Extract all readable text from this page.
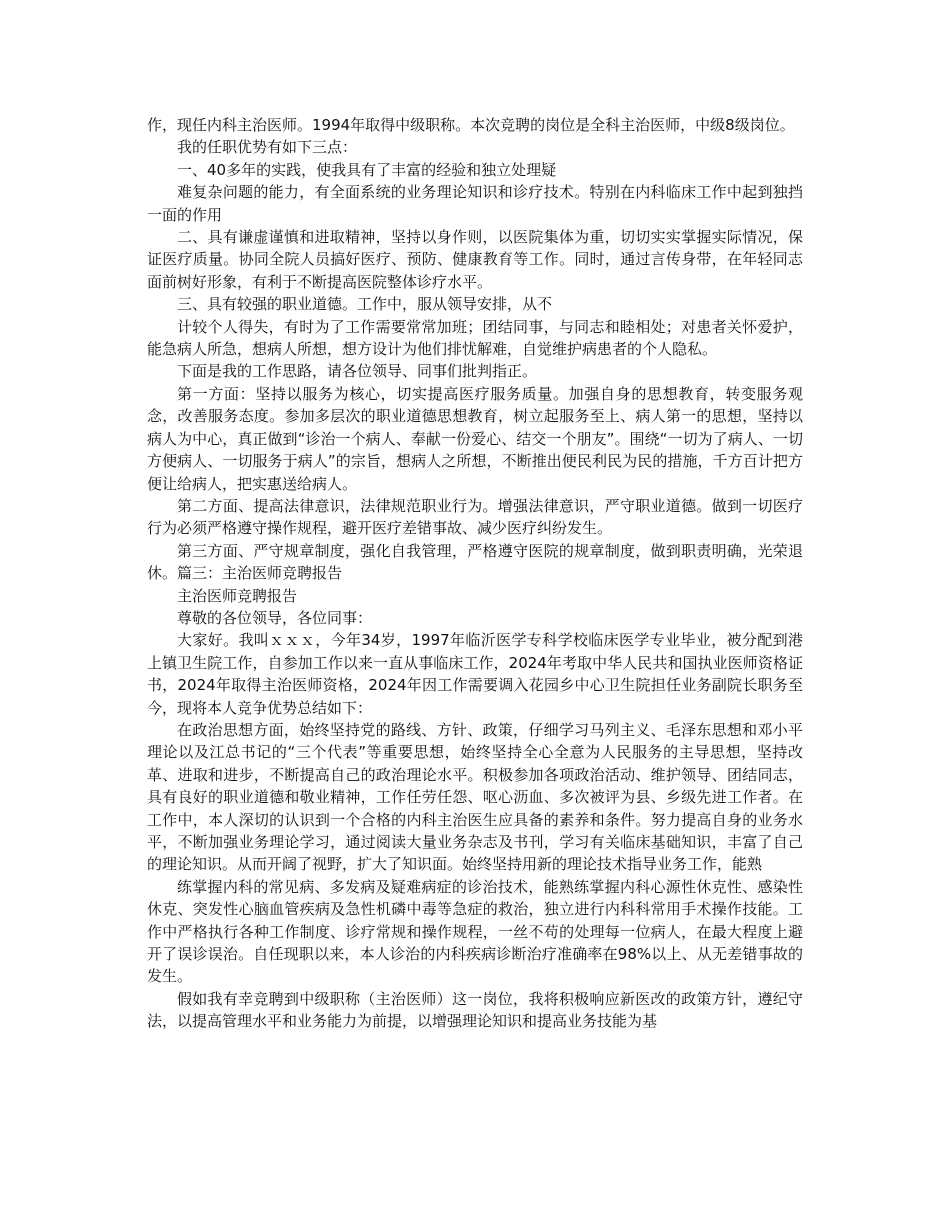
作，现任内科主治医师。1994年取得中级职称。本次竞聘的岗位是全科主治医师，中级8级岗位。

我的任职优势有如下三点：

一、40多年的实践，使我具有了丰富的经验和独立处理疑

难复杂问题的能力，有全面系统的业务理论知识和诊疗技术。特别在内科临床工作中起到独挡一面的作用

二、具有谦虚谨慎和进取精神，坚持以身作则，以医院集体为重，切切实实掌握实际情况，保证医疗质量。协同全院人员搞好医疗、预防、健康教育等工作。同时，通过言传身带，在年轻同志面前树好形象，有利于不断提高医院整体诊疗水平。

三、具有较强的职业道德。工作中，服从领导安排，从不

计较个人得失，有时为了工作需要常常加班；团结同事，与同志和睦相处；对患者关怀爱护，能急病人所急，想病人所想，想方设计为他们排忧解难，自觉维护病患者的个人隐私。

下面是我的工作思路，请各位领导、同事们批判指正。

第一方面：坚持以服务为核心，切实提高医疗服务质量。加强自身的思想教育，转变服务观念，改善服务态度。参加多层次的职业道德思想教育，树立起服务至上、病人第一的思想，坚持以病人为中心，真正做到“诊治一个病人、奉献一份爱心、结交一个朋友”。围绕“一切为了病人、一切方便病人、一切服务于病人”的宗旨，想病人之所想，不断推出便民利民为民的措施，千方百计把方便让给病人，把实惠送给病人。

第二方面、提高法律意识，法律规范职业行为。增强法律意识，严守职业道德。做到一切医疗行为必须严格遵守操作规程，避开医疗差错事故、减少医疗纠纷发生。

第三方面、严守规章制度，强化自我管理，严格遵守医院的规章制度，做到职责明确，光荣退休。篇三：主治医师竞聘报告

主治医师竞聘报告

尊敬的各位领导，各位同事：

大家好。我叫ｘｘｘ，今年34岁，1997年临沂医学专科学校临床医学专业毕业，被分配到港上镇卫生院工作，自参加工作以来一直从事临床工作，2024年考取中华人民共和国执业医师资格证书，2024年取得主治医师资格，2024年因工作需要调入花园乡中心卫生院担任业务副院长职务至今，现将本人竞争优势总结如下：

在政治思想方面，始终坚持党的路线、方针、政策，仔细学习马列主义、毛泽东思想和邓小平理论以及江总书记的“三个代表”等重要思想，始终坚持全心全意为人民服务的主导思想，坚持改革、进取和进步，不断提高自己的政治理论水平。积极参加各项政治活动、维护领导、团结同志，具有良好的职业道德和敬业精神，工作任劳任怨、呕心沥血、多次被评为县、乡级先进工作者。在工作中，本人深切的认识到一个合格的内科主治医生应具备的素养和条件。努力提高自身的业务水平，不断加强业务理论学习，通过阅读大量业务杂志及书刊，学习有关临床基础知识，丰富了自己的理论知识。从而开阔了视野，扩大了知识面。始终坚持用新的理论技术指导业务工作，能熟

练掌握内科的常见病、多发病及疑难病症的诊治技术，能熟练掌握内科心源性休克性、感染性休克、突发性心脑血管疾病及急性机磷中毒等急症的救治，独立进行内科科常用手术操作技能。工作中严格执行各种工作制度、诊疗常规和操作规程，一丝不苟的处理每一位病人，在最大程度上避开了误诊误治。自任现职以来，本人诊治的内科疾病诊断治疗准确率在98%以上、从无差错事故的发生。

假如我有幸竞聘到中级职称（主治医师）这一岗位，我将积极响应新医改的政策方针，遵纪守法，以提高管理水平和业务能力为前提，以增强理论知识和提高业务技能为基
